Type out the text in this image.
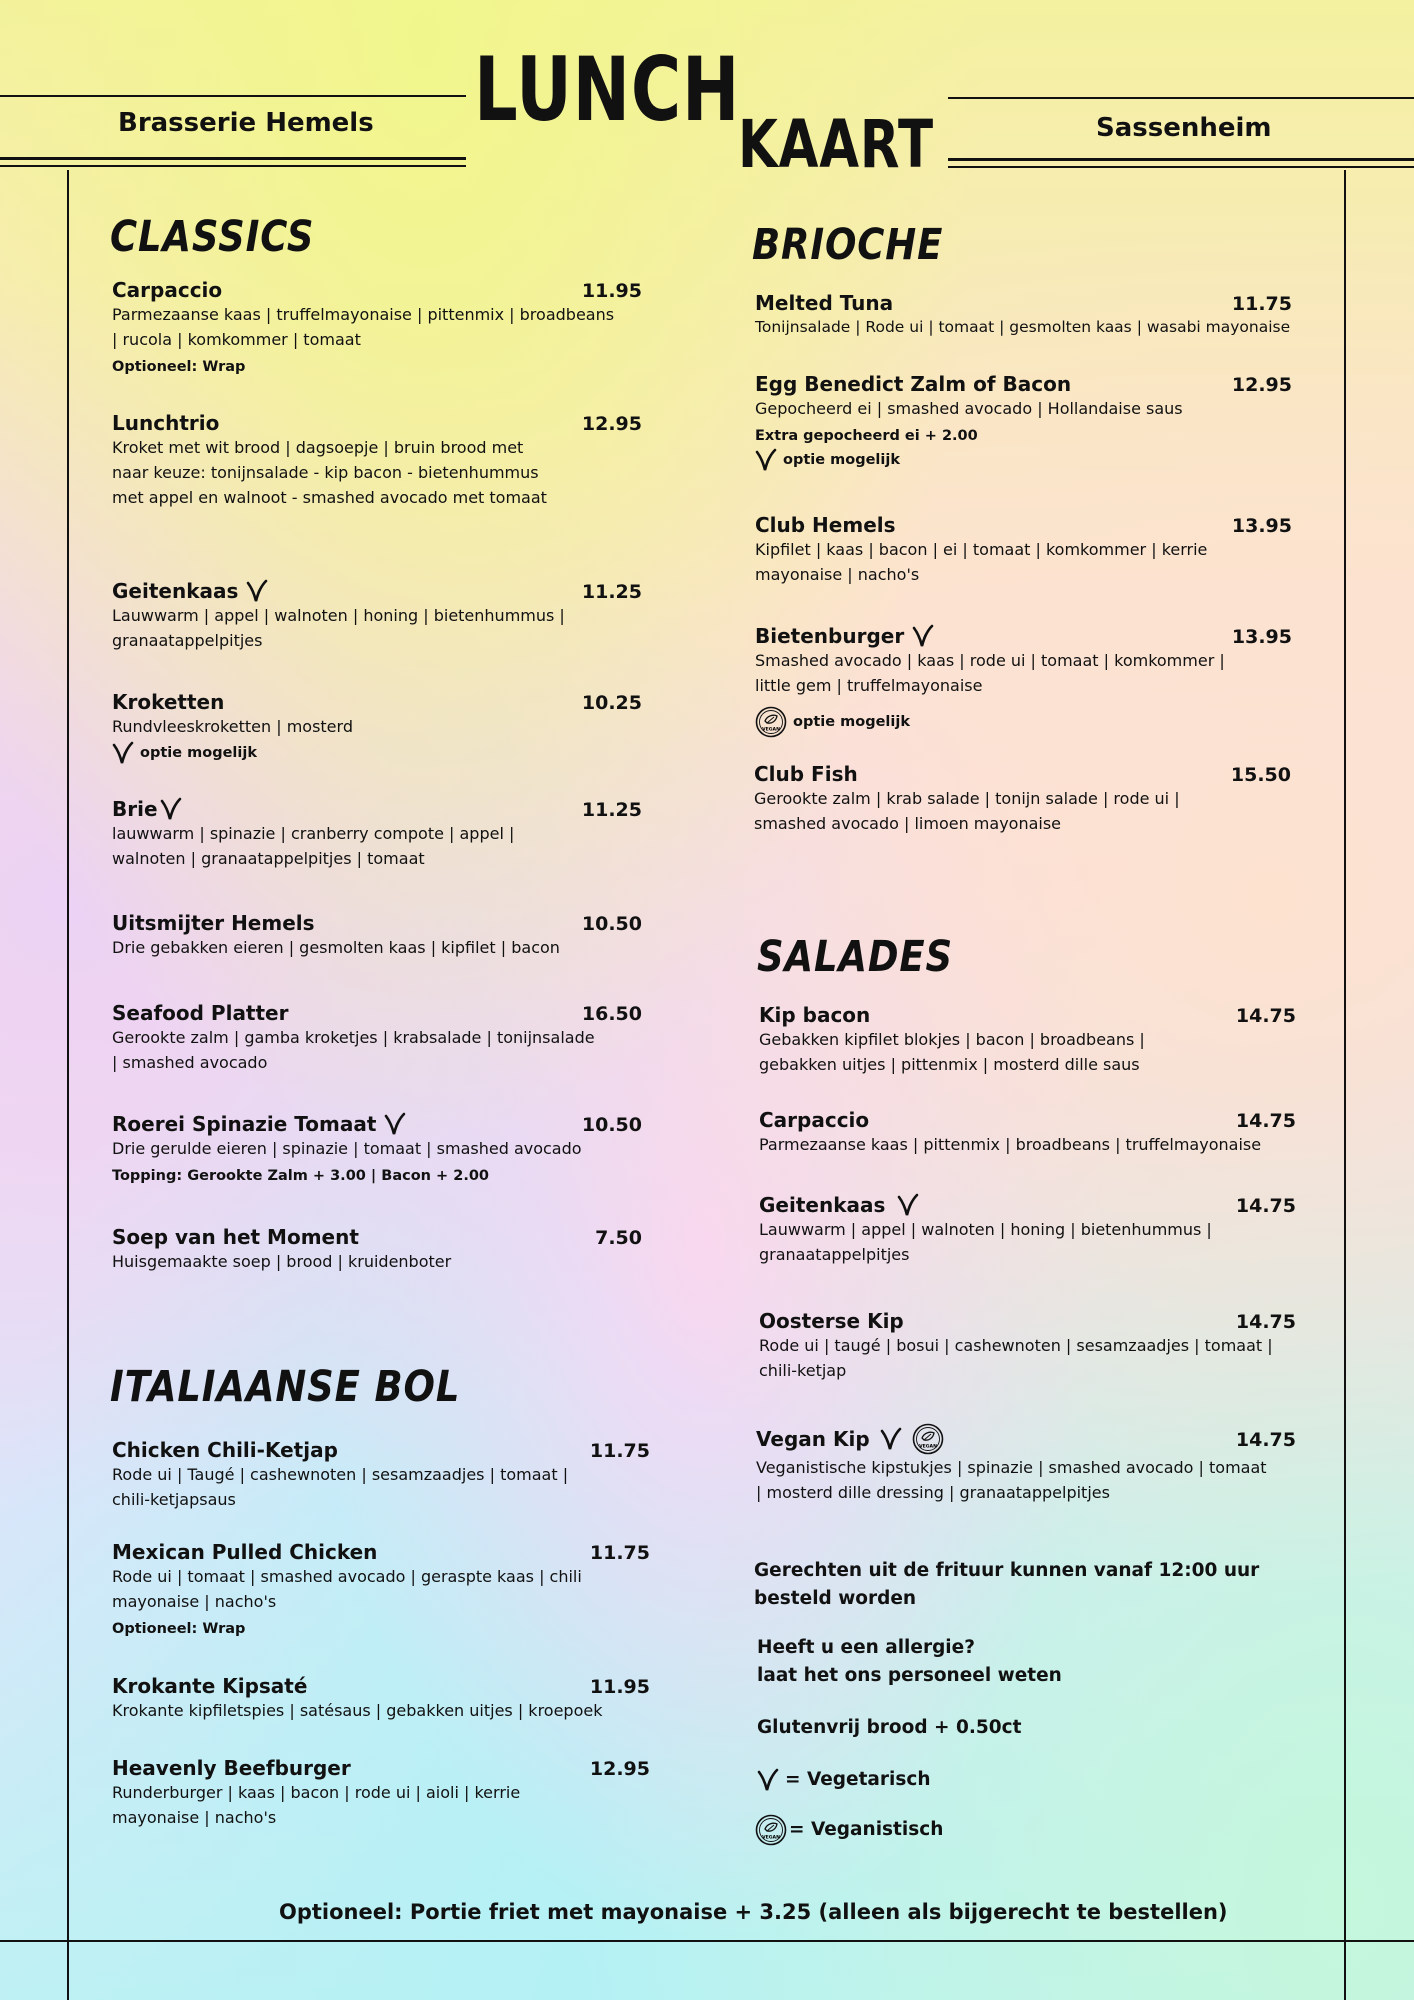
Brasserie Hemels	Sassenheim
LUNCH
KAART
CLASSICS
ITALIAANSE BOL
BRIOCHE
SALADES
Carpaccio	11.95
Parmezaanse kaas | truffelmayonaise | pittenmix | broadbeans | rucola | komkommer | tomaat
Optioneel: Wrap
Lunchtrio	12.95
Kroket met wit brood | dagsoepje | bruin brood met naar keuze: tonijnsalade - kip bacon - bietenhummus met appel en walnoot - smashed avocado met tomaat
Geitenkaas	11.25
Lauwwarm | appel | walnoten | honing | bietenhummus | granaatappelpitjes
Kroketten	10.25
Rundvleeskroketten | mosterd
optie mogelijk
Brie	11.25
lauwwarm | spinazie | cranberry compote | appel | walnoten | granaatappelpitjes | tomaat
Uitsmijter Hemels	10.50
Drie gebakken eieren | gesmolten kaas | kipfilet | bacon
Seafood Platter	16.50
Gerookte zalm | gamba kroketjes | krabsalade | tonijnsalade | smashed avocado
Roerei Spinazie Tomaat	10.50
Drie gerulde eieren | spinazie | tomaat | smashed avocado
Topping: Gerookte Zalm + 3.00 | Bacon + 2.00
Soep van het Moment	7.50
Huisgemaakte soep | brood | kruidenboter
Chicken Chili-Ketjap	11.75
Rode ui | Taugé | cashewnoten | sesamzaadjes | tomaat | chili-ketjapsaus
Mexican Pulled Chicken	11.75
Rode ui | tomaat | smashed avocado | geraspte kaas | chili mayonaise | nacho's
Optioneel: Wrap
Krokante Kipsaté	11.95
Krokante kipfiletspies | satésaus | gebakken uitjes | kroepoek
Heavenly Beefburger	12.95
Runderburger | kaas | bacon | rode ui | aioli | kerrie mayonaise | nacho's
Melted Tuna	11.75
Tonijnsalade | Rode ui | tomaat | gesmolten kaas | wasabi mayonaise
Egg Benedict Zalm of Bacon	12.95
Gepocheerd ei | smashed avocado | Hollandaise saus
Extra gepocheerd ei + 2.00
optie mogelijk
Club Hemels	13.95
Kipfilet | kaas | bacon | ei | tomaat | komkommer | kerrie mayonaise | nacho's
Bietenburger	13.95
Smashed avocado | kaas | rode ui | tomaat | komkommer | little gem | truffelmayonaise
VEGAN optie mogelijk
Club Fish	15.50
Gerookte zalm | krab salade | tonijn salade | rode ui | smashed avocado | limoen mayonaise
Kip bacon	14.75
Gebakken kipfilet blokjes | bacon | broadbeans | gebakken uitjes | pittenmix | mosterd dille saus
Carpaccio	14.75
Parmezaanse kaas | pittenmix | broadbeans | truffelmayonaise
Geitenkaas	14.75
Lauwwarm | appel | walnoten | honing | bietenhummus | granaatappelpitjes
Oosterse Kip	14.75
Rode ui | taugé | bosui | cashewnoten | sesamzaadjes | tomaat | chili-ketjap
Vegan Kip	VEGAN	14.75
Veganistische kipstukjes | spinazie | smashed avocado | tomaat | mosterd dille dressing | granaatappelpitjes
Gerechten uit de frituur kunnen vanaf 12:00 uur besteld worden
Heeft u een allergie?
laat het ons personeel weten
Glutenvrij brood + 0.50ct
= Vegetarisch
VEGAN = Veganistisch
Optioneel: Portie friet met mayonaise + 3.25 (alleen als bijgerecht te bestellen)
